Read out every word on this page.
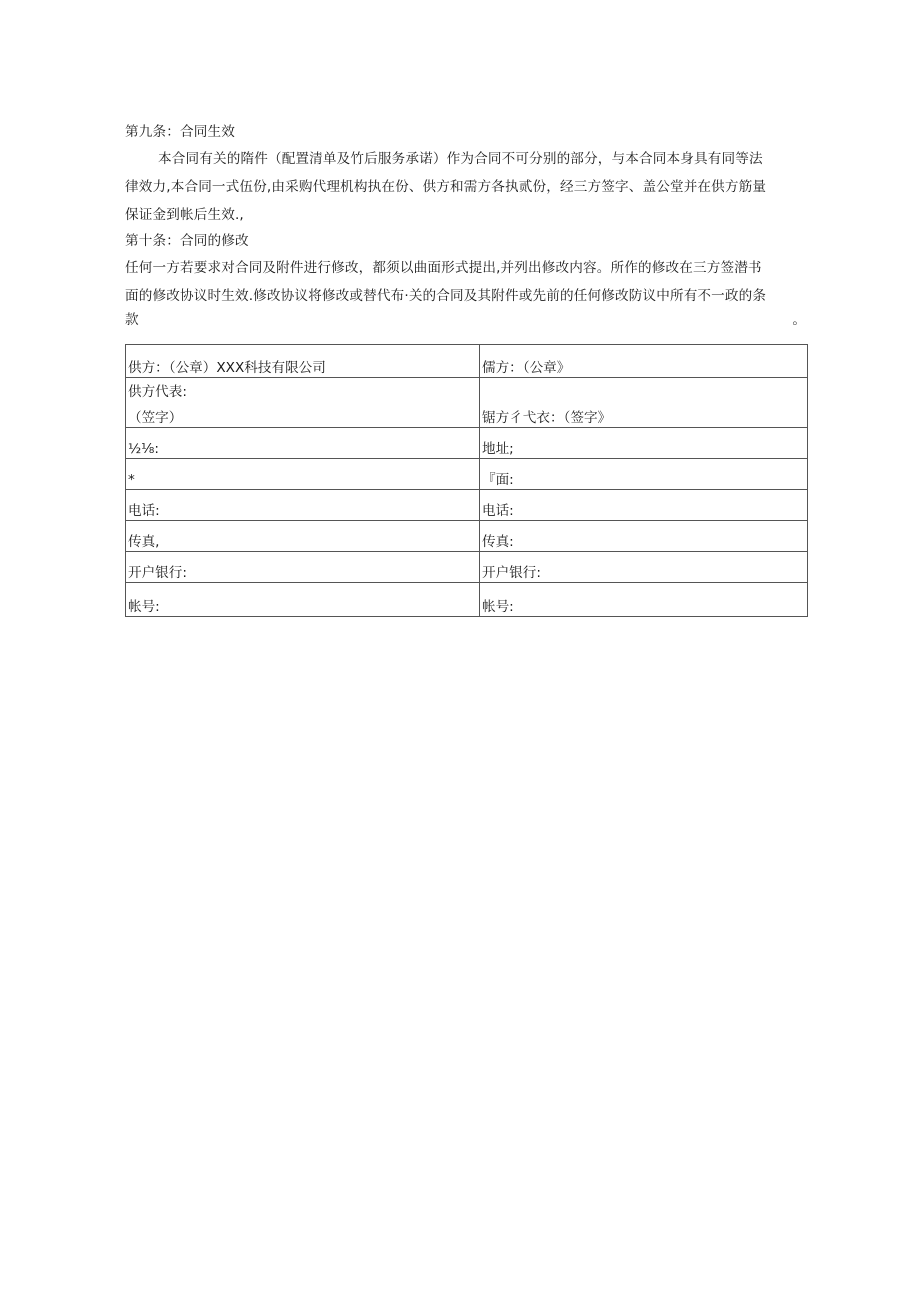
第九条：合同生效
本合同有关的隋件（配置清单及竹后服务承诺）作为合同不可分别的部分，与本合同本身具有同等法
律效力,本合同一式伍份,由采购代理机构执在份、供方和需方各执贰份，经三方签字、盖公堂并在供方筋量
保证金到帐后生效.,
第十条：合同的修改
任何一方若要求对合同及附件进行修改，都须以曲面形式提出,并列出修改内容。所作的修改在三方签潜书
面的修改协议时生效.修改协议将修改或替代布·关的合同及其附件或先前的任何修改防议中所有不一政的条
款	。
供方：（公章）XXX科技有限公司	儒方：（公章》

供方代表:
（笠字）	锯方彳弋衣：（签字》
½⅛:	地址;
*	『面:
电话:	电话:
传真,	传真:
开户银行:	开户银行:
帐号:	帐号:
